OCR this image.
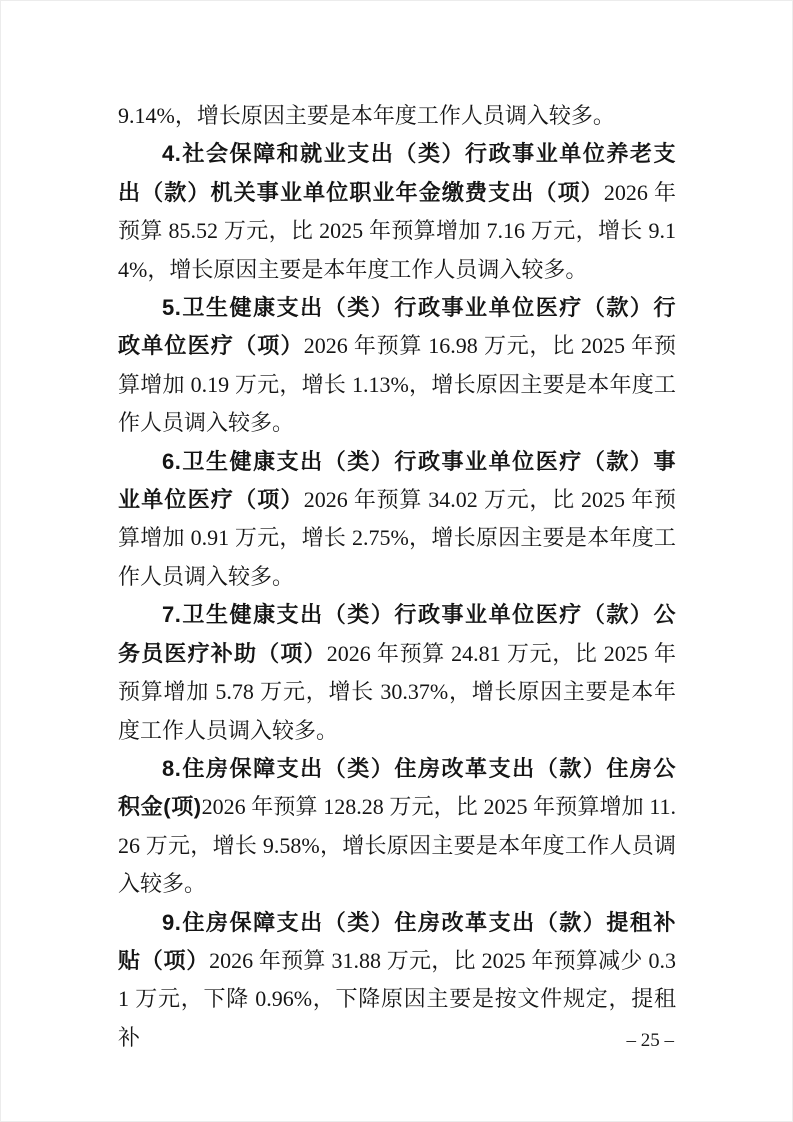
9.14%，增长原因主要是本年度工作人员调入较多。

4.社会保障和就业支出（类）行政事业单位养老支出（款）机关事业单位职业年金缴费支出（项）2026 年预算 85.52 万元，比 2025 年预算增加 7.16 万元，增长 9.14%，增长原因主要是本年度工作人员调入较多。

5.卫生健康支出（类）行政事业单位医疗（款）行政单位医疗（项）2026 年预算 16.98 万元，比 2025 年预算增加 0.19 万元，增长 1.13%，增长原因主要是本年度工作人员调入较多。

6.卫生健康支出（类）行政事业单位医疗（款）事业单位医疗（项）2026 年预算 34.02 万元，比 2025 年预算增加 0.91 万元，增长 2.75%，增长原因主要是本年度工作人员调入较多。

7.卫生健康支出（类）行政事业单位医疗（款）公务员医疗补助（项）2026 年预算 24.81 万元，比 2025 年预算增加 5.78 万元，增长 30.37%，增长原因主要是本年度工作人员调入较多。

8.住房保障支出（类）住房改革支出（款）住房公积金(项)2026 年预算 128.28 万元，比 2025 年预算增加 11.26 万元，增长 9.58%，增长原因主要是本年度工作人员调入较多。

9.住房保障支出（类）住房改革支出（款）提租补贴（项）2026 年预算 31.88 万元，比 2025 年预算减少 0.31 万元，下降 0.96%，下降原因主要是按文件规定，提租补	– 25 –
